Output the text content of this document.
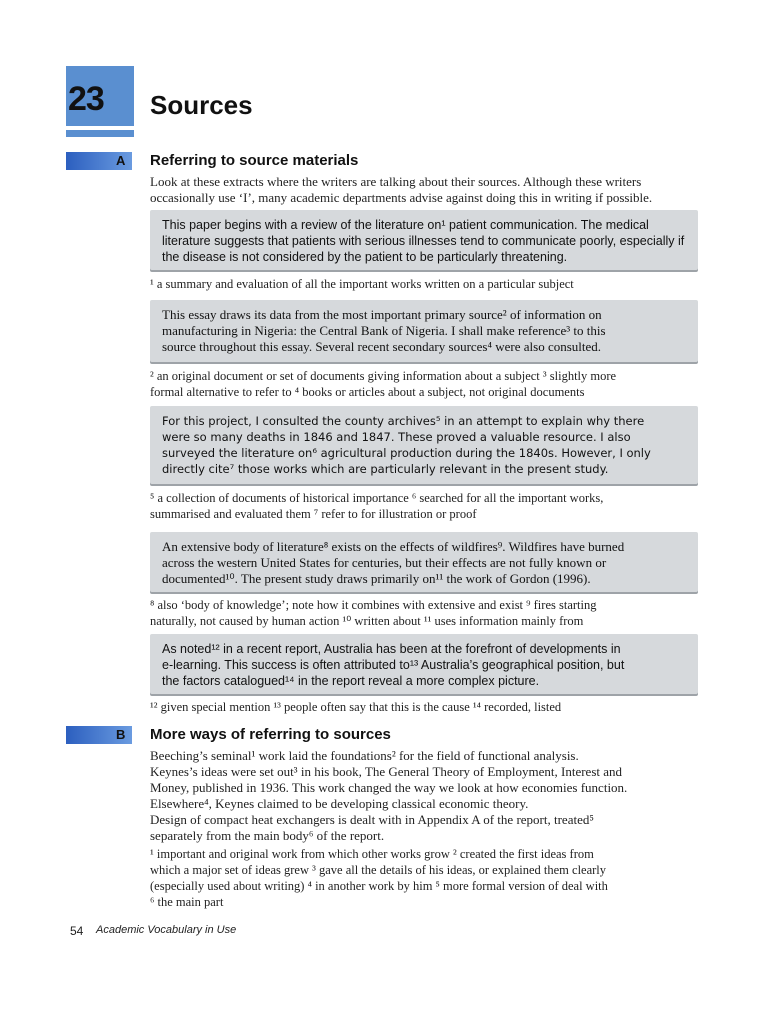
23 Sources
A Referring to source materials
Look at these extracts where the writers are talking about their sources. Although these writers
occasionally use ‘I’, many academic departments advise against doing this in writing if possible.
This paper begins with a review of the literature on¹ patient communication. The medical
literature suggests that patients with serious illnesses tend to communicate poorly, especially if
the disease is not considered by the patient to be particularly threatening.
¹ a summary and evaluation of all the important works written on a particular subject
This essay draws its data from the most important primary source² of information on
manufacturing in Nigeria: the Central Bank of Nigeria. I shall make reference³ to this
source throughout this essay. Several recent secondary sources⁴ were also consulted.
² an original document or set of documents giving information about a subject ³ slightly more
formal alternative to refer to ⁴ books or articles about a subject, not original documents
For this project, I consulted the county archives⁵ in an attempt to explain why there
were so many deaths in 1846 and 1847. These proved a valuable resource. I also
surveyed the literature on⁶ agricultural production during the 1840s. However, I only
directly cite⁷ those works which are particularly relevant in the present study.
⁵ a collection of documents of historical importance ⁶ searched for all the important works,
summarised and evaluated them ⁷ refer to for illustration or proof
An extensive body of literature⁸ exists on the effects of wildfires⁹. Wildfires have burned
across the western United States for centuries, but their effects are not fully known or
documented¹⁰. The present study draws primarily on¹¹ the work of Gordon (1996).
⁸ also ‘body of knowledge’; note how it combines with extensive and exist ⁹ fires starting
naturally, not caused by human action ¹⁰ written about ¹¹ uses information mainly from
As noted¹² in a recent report, Australia has been at the forefront of developments in
e-learning. This success is often attributed to¹³ Australia’s geographical position, but
the factors catalogued¹⁴ in the report reveal a more complex picture.
¹² given special mention ¹³ people often say that this is the cause ¹⁴ recorded, listed
B More ways of referring to sources
Beeching’s seminal¹ work laid the foundations² for the field of functional analysis.
Keynes’s ideas were set out³ in his book, The General Theory of Employment, Interest and
Money, published in 1936. This work changed the way we look at how economies function.
Elsewhere⁴, Keynes claimed to be developing classical economic theory.
Design of compact heat exchangers is dealt with in Appendix A of the report, treated⁵
separately from the main body⁶ of the report.
¹ important and original work from which other works grow ² created the first ideas from
which a major set of ideas grew ³ gave all the details of his ideas, or explained them clearly
(especially used about writing) ⁴ in another work by him ⁵ more formal version of deal with
⁶ the main part
54 Academic Vocabulary in Use
